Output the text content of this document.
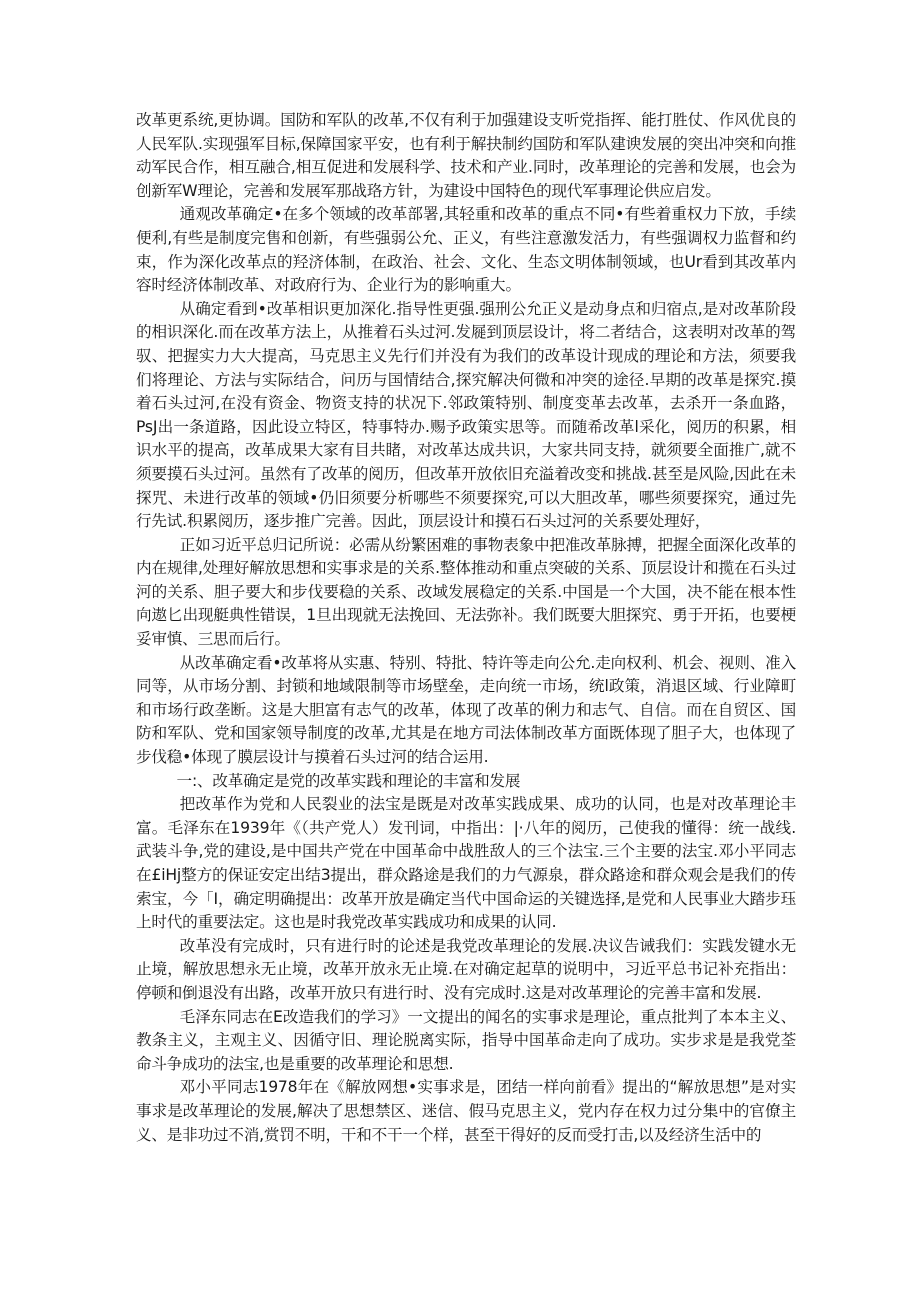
改革更系统,更协调。国防和军队的改革,不仅有利于加强建设支听党指挥、能打胜仗、作风优良的人民军队.实现强军目标,保障国家平安，也有利于解抉制约国防和军队建谀发展的突出冲突和向推动军民合作，相互融合,相互促进和发展科学、技术和产业.同时，改革理论的完善和发展，也会为创新军W理论，完善和发展军那战珞方针，为建设中国特色的现代军事理论供应启发。

通观改革确定•在多个领域的改革部署,其轻重和改革的重点不同•有些着重权力下放，手续便利,有些是制度完售和创新，有些强弱公允、正义，有些注意激发活力，有些强调权力监督和约束，作为深化改革点的羟济体制，在政治、社会、文化、生态文明体制领域，也Ur看到其改革内容时经济体制改革、对政府行为、企业行为的影响重大。

从确定看到•改革相识更加深化.指导性更强.强刑公允正义是动身点和归宿点,是对改革阶段的相识深化.而在改革方法上，从推着石头过河.发屣到顶层设计，将二者结合，这表明对改革的驾驭、把握实力大大提高，马克思主义先行们并没有为我们的改革设计现成的理论和方法，须要我们将理论、方法与实际结合，问历与国情结合,探究解决何微和冲突的途径.早期的改革是探究.摸着石头过河,在没有资金、物资支持的状况下.邻政策特别、制度变革去改革，去杀开一条血路，PsJ出一条道路，因此设立特区，特事特办.赐予政策实思等。而随希改革l采化，阅历的积累，相识水平的提高，改革成果大家有目共睹，对改革达成共识，大家共同支持，就须要全面推广,就不须要摸石头过河。虽然有了改革的阅历，但改革开放依旧充溢着改变和挑战.甚至是风险,因此在未探咒、未进行改革的领域•仍旧须要分析哪些不须要探究,可以大胆改革，哪些须要探究，通过先行先试.积累阅历，逐步推广完善。因此，顶层设计和摸石石头过河的关系要处理好，

正如习近平总归记所说：必需从纷繁困难的事物表象中把准改革脉搏，把握全面深化改革的内在规律,处理好解放思想和实事求是的关系.整体推动和重点突破的关系、顶层设计和揽在石头过河的关系、胆子要大和步伐要稳的关系、改域发展稳定的关系.中国是一个大国，决不能在根本性向遨匕出现艇典性错误，1旦出现就无法挽回、无法弥补。我们既要大胆探究、勇于开拓，也要梗妥审慎、三思而后行。

从改革确定看•改革将从实惠、特别、特批、特许等走向公允.走向权利、机会、视则、准入同等，从市场分割、封锁和地域限制等市场壁垒，走向统一市场，统l政策，消退区域、行业障町和市场行政垄断。这是大胆富有志气的改革，体现了改革的俐力和志气、自信。而在自贸区、国防和军队、党和国家领导制度的改革,尤其是在地方司法体制改革方面既体现了胆子大，也体现了步伐稳•体现了膜层设计与摸着石头过河的结合运用.

一:、改革确定是党的改革实践和理论的丰富和发展

把改革作为党和人民裂业的法宝是既是对改革实践成果、成功的认同，也是对改革理论丰富。毛泽东在1939年《（共产党人）发刊词，中指出：|·八年的阅历，己使我的懂得：统一战线.武装斗争,党的建设,是中国共产党在中国革命中战胜敌人的三个法宝.三个主要的法宝.邓小平同志在£iHj整方的保证安定出结3提出，群众路途是我们的力气源泉，群众路途和群众观会是我们的传索宝，今「I，确定明确提出：改革开放是确定当代中国命运的关键选择,是党和人民事业大踏步珏上时代的重要法定。这也是时我党改革实践成功和成果的认同.

改革没有完成时，只有进行时的论述是我党改革理论的发展.决议告诫我们：实践发键水无止境，解放思想永无止境，改革开放永无止境.在对确定起草的说明中，习近平总书记补充指出：停顿和倒退没有出路，改革开放只有进行时、没有完成时.这是对改革理论的完善丰富和发展.

毛泽东同志在E改造我们的学习》一文提出的闻名的实事求是理论，重点批判了本本主义、教条主义，主观主义、因循守旧、理论脱离实际，指导中国革命走向了成功。实步求是是我党荃命斗争成功的法宝,也是重要的改革理论和思想.

邓小平同志1978年在《解放网想•实事求是，团结一样向前看》提出的“解放思想”是对实事求是改革理论的发展,解决了思想禁区、迷信、假马克思主义，党内存在权力过分集中的官僚主义、是非功过不消,赏罚不明，干和不干一个样，甚至干得好的反而受打击,以及经济生活中的
